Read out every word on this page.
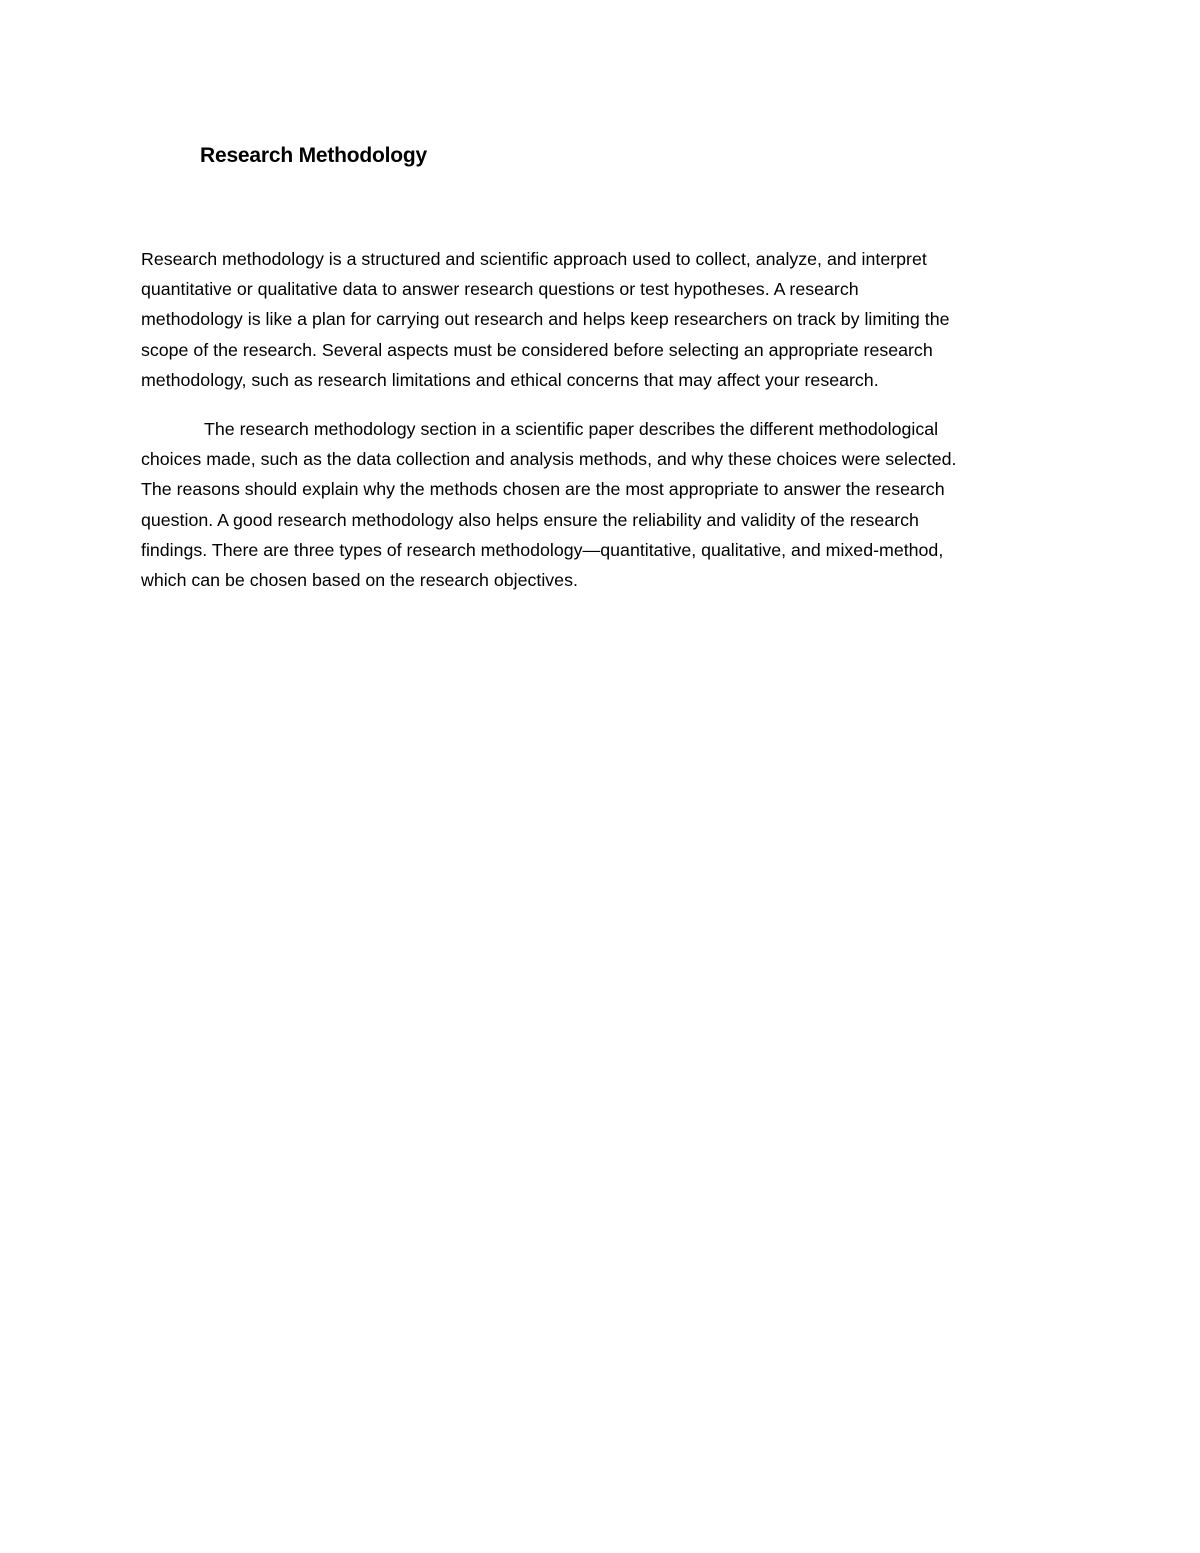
Research Methodology
Research methodology is a structured and scientific approach used to collect, analyze, and interpret
quantitative or qualitative data to answer research questions or test hypotheses. A research
methodology is like a plan for carrying out research and helps keep researchers on track by limiting the
scope of the research. Several aspects must be considered before selecting an appropriate research
methodology, such as research limitations and ethical concerns that may affect your research.
The research methodology section in a scientific paper describes the different methodological
choices made, such as the data collection and analysis methods, and why these choices were selected.
The reasons should explain why the methods chosen are the most appropriate to answer the research
question. A good research methodology also helps ensure the reliability and validity of the research
findings. There are three types of research methodology—quantitative, qualitative, and mixed-method,
which can be chosen based on the research objectives.
